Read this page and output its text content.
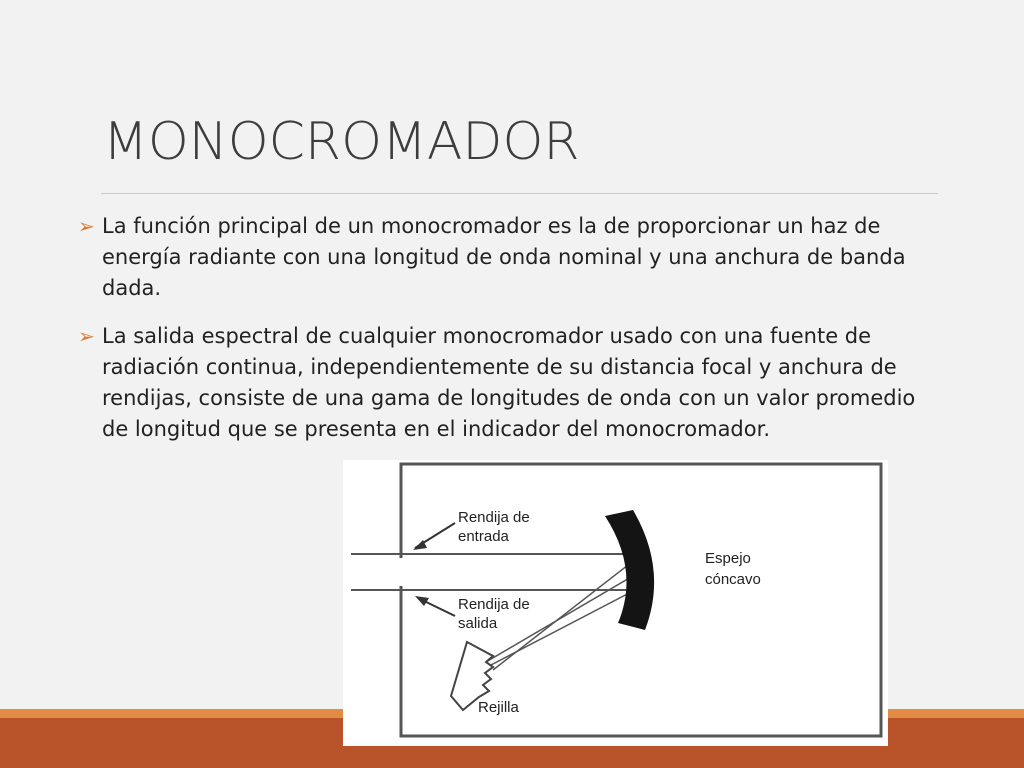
MONOCROMADOR
➢ La función principal de un monocromador es la de proporcionar un haz de energía radiante con una longitud de onda nominal y una anchura de banda dada.
➢ La salida espectral de cualquier monocromador usado con una fuente de radiación continua, independientemente de su distancia focal y anchura de rendijas, consiste de una gama de longitudes de onda con un valor promedio de longitud que se presenta en el indicador del monocromador.
Rendija de
entrada
Rendija de
salida
Espejo
cóncavo
Rejilla
